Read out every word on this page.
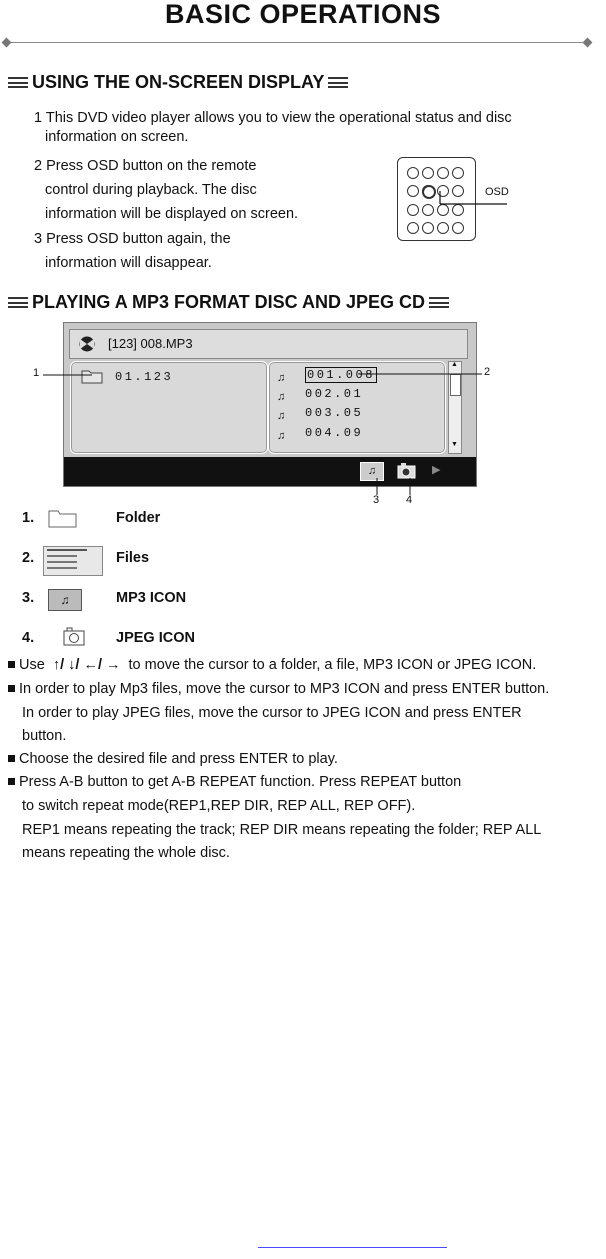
BASIC OPERATIONS
USING THE ON-SCREEN DISPLAY
1 This DVD video player allows you to view the operational status and disc
information on screen.
2 Press OSD button on the remote
control during playback. The disc
information will be displayed on screen.
3 Press OSD button again, the
information will disappear.
OSD
PLAYING A MP3 FORMAT DISC AND JPEG CD
[123] 008.MP3
01.123	♫ 001.008
♫ 002.01
♫ 003.05
♫ 004.09
▲
▼
♫	▶
1	2
3 4
1.	Folder
2.	Files
3.	♫	MP3 ICON
4.	JPEG ICON
Use ↑/ ↓/ ←/ → to move the cursor to a folder, a file, MP3 ICON or JPEG ICON.
In order to play Mp3 files, move the cursor to MP3 ICON and press ENTER button.
In order to play JPEG files, move the cursor to JPEG ICON and press ENTER
button.
Choose the desired file and press ENTER to play.
Press A-B button to get A-B REPEAT function. Press REPEAT button
to switch repeat mode(REP1,REP DIR, REP ALL, REP OFF).
REP1 means repeating the track; REP DIR means repeating the folder; REP ALL
means repeating the whole disc.
